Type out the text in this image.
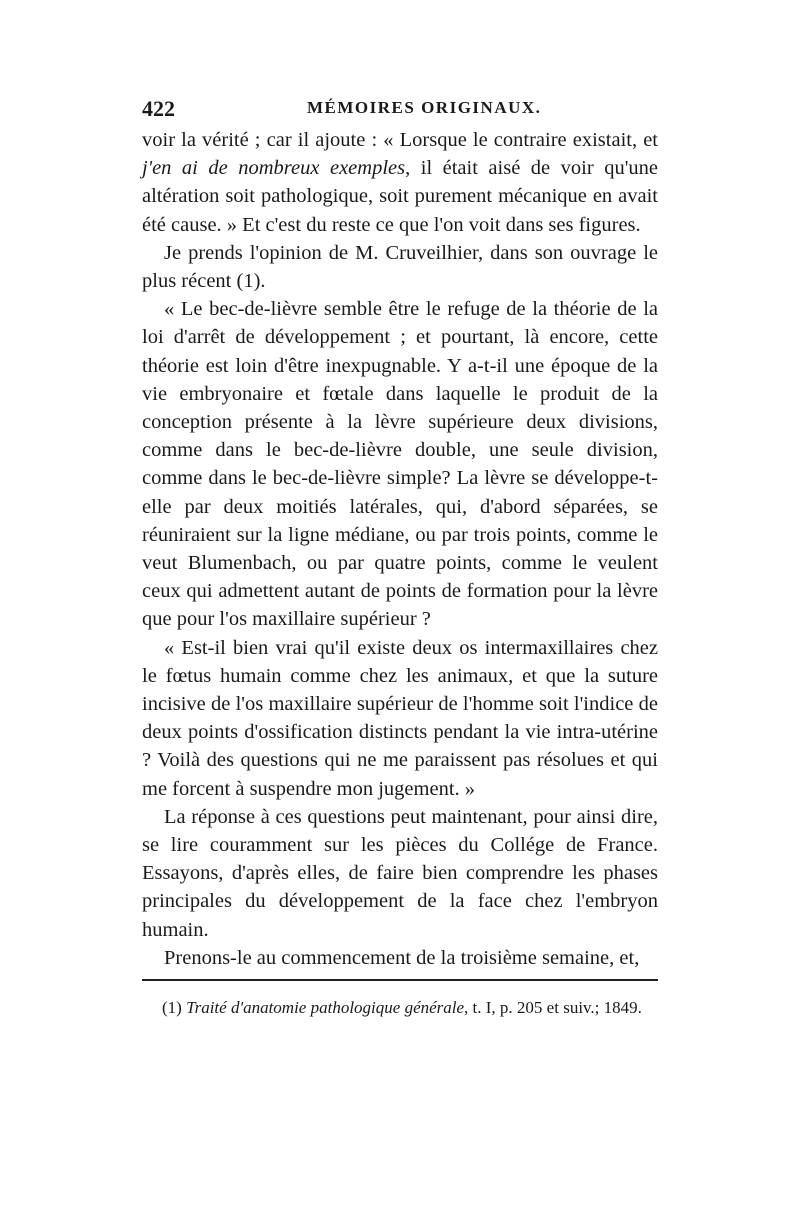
422	MÉMOIRES ORIGINAUX.

voir la vérité ; car il ajoute : « Lorsque le contraire existait, et j'en ai de nombreux exemples, il était aisé de voir qu'une altération soit pathologique, soit purement mécanique en avait été cause. » Et c'est du reste ce que l'on voit dans ses figures.

Je prends l'opinion de M. Cruveilhier, dans son ouvrage le plus récent (1).

« Le bec-de-lièvre semble être le refuge de la théorie de la loi d'arrêt de développement ; et pourtant, là encore, cette théorie est loin d'être inexpugnable. Y a-t-il une époque de la vie embryonaire et fœtale dans laquelle le produit de la conception présente à la lèvre supérieure deux divisions, comme dans le bec-de-lièvre double, une seule division, comme dans le bec-de-lièvre simple? La lèvre se développe-t-elle par deux moitiés latérales, qui, d'abord séparées, se réuniraient sur la ligne médiane, ou par trois points, comme le veut Blumenbach, ou par quatre points, comme le veulent ceux qui admettent autant de points de formation pour la lèvre que pour l'os maxillaire supérieur ?

« Est-il bien vrai qu'il existe deux os intermaxillaires chez le fœtus humain comme chez les animaux, et que la suture incisive de l'os maxillaire supérieur de l'homme soit l'indice de deux points d'ossification distincts pendant la vie intra-utérine ? Voilà des questions qui ne me paraissent pas résolues et qui me forcent à suspendre mon jugement. »

La réponse à ces questions peut maintenant, pour ainsi dire, se lire couramment sur les pièces du Collége de France. Essayons, d'après elles, de faire bien comprendre les phases principales du développement de la face chez l'embryon humain.

Prenons-le au commencement de la troisième semaine, et,

(1) Traité d'anatomie pathologique générale, t. I, p. 205 et suiv.; 1849.
